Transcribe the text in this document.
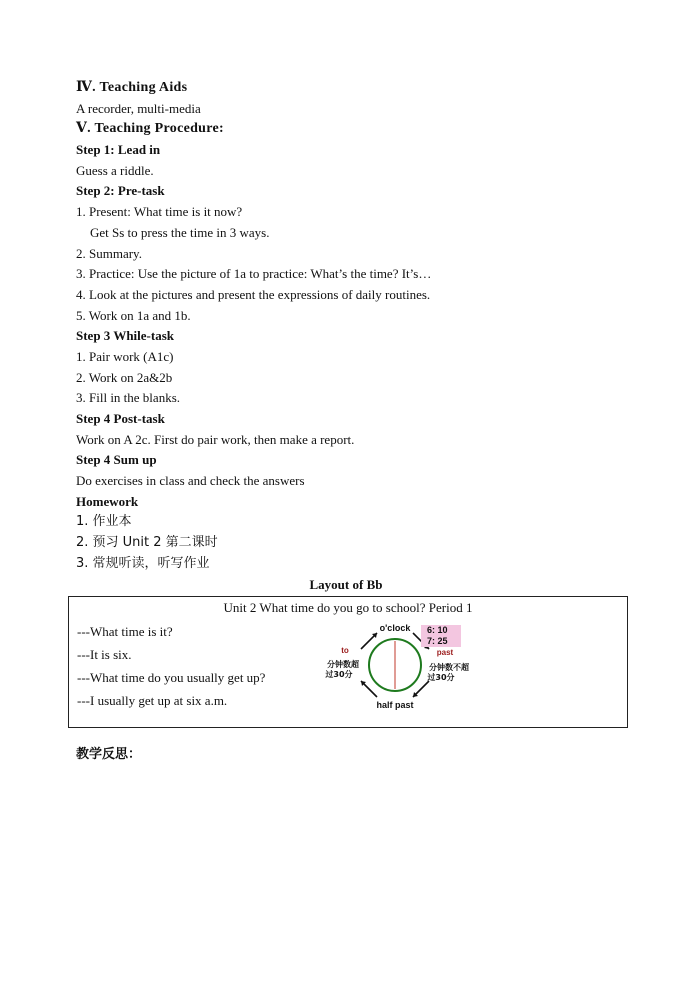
Ⅳ. Teaching Aids
A recorder, multi-media
Ⅴ. Teaching Procedure:
Step 1: Lead in
Guess a riddle.
Step 2: Pre-task
1. Present: What time is it now?
Get Ss to press the time in 3 ways.
2. Summary.
3. Practice: Use the picture of 1a to practice: What’s the time? It’s…
4. Look at the pictures and present the expressions of daily routines.
5. Work on 1a and 1b.
Step 3 While-task
1. Pair work (A1c)
2. Work on 2a&2b
3. Fill in the blanks.
Step 4 Post-task
Work on A 2c. First do pair work, then make a report.
Step 4 Sum up
Do exercises in class and check the answers
Homework
1. 作业本
2. 预习 Unit 2 第二课时
3. 常规听读，听写作业
Layout of Bb
Unit 2 What time do you go to school? Period 1
---What time is it?
---It is six.
---What time do you usually get up?
---I usually get up at six a.m.
o'clock
half past
to	past
分钟数超
过30分
分钟数不超
过30分
6: 10
7: 25
教学反思：
